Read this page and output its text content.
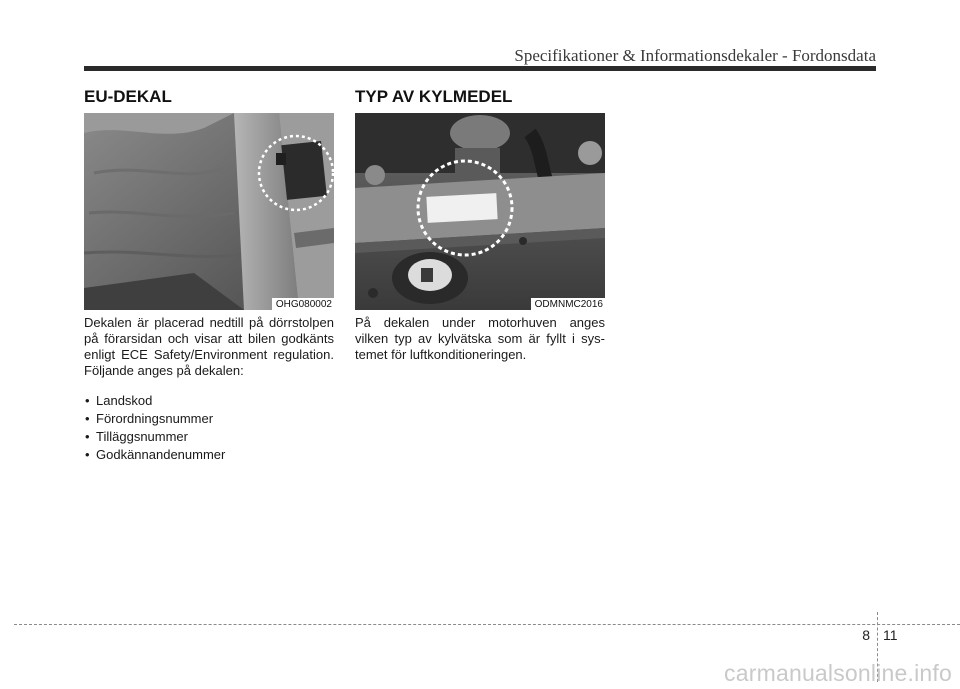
Specifikationer & Informationsdekaler - Fordonsdata
EU-DEKAL
OHG080002

Dekalen är placerad nedtill på dörrstolpen på förarsidan och visar att bilen godkänts enligt ECE Safety/Environment regulation. Följande anges på dekalen:

• Landskod
• Förordningsnummer
• Tilläggsnummer
• Godkännandenummer
TYP AV KYLMEDEL
ODMNMC2016

På dekalen under motorhuven anges vilken typ av kylvätska som är fyllt i sys-temet för luftkonditioneringen.

8 11
carmanualsonline.info
